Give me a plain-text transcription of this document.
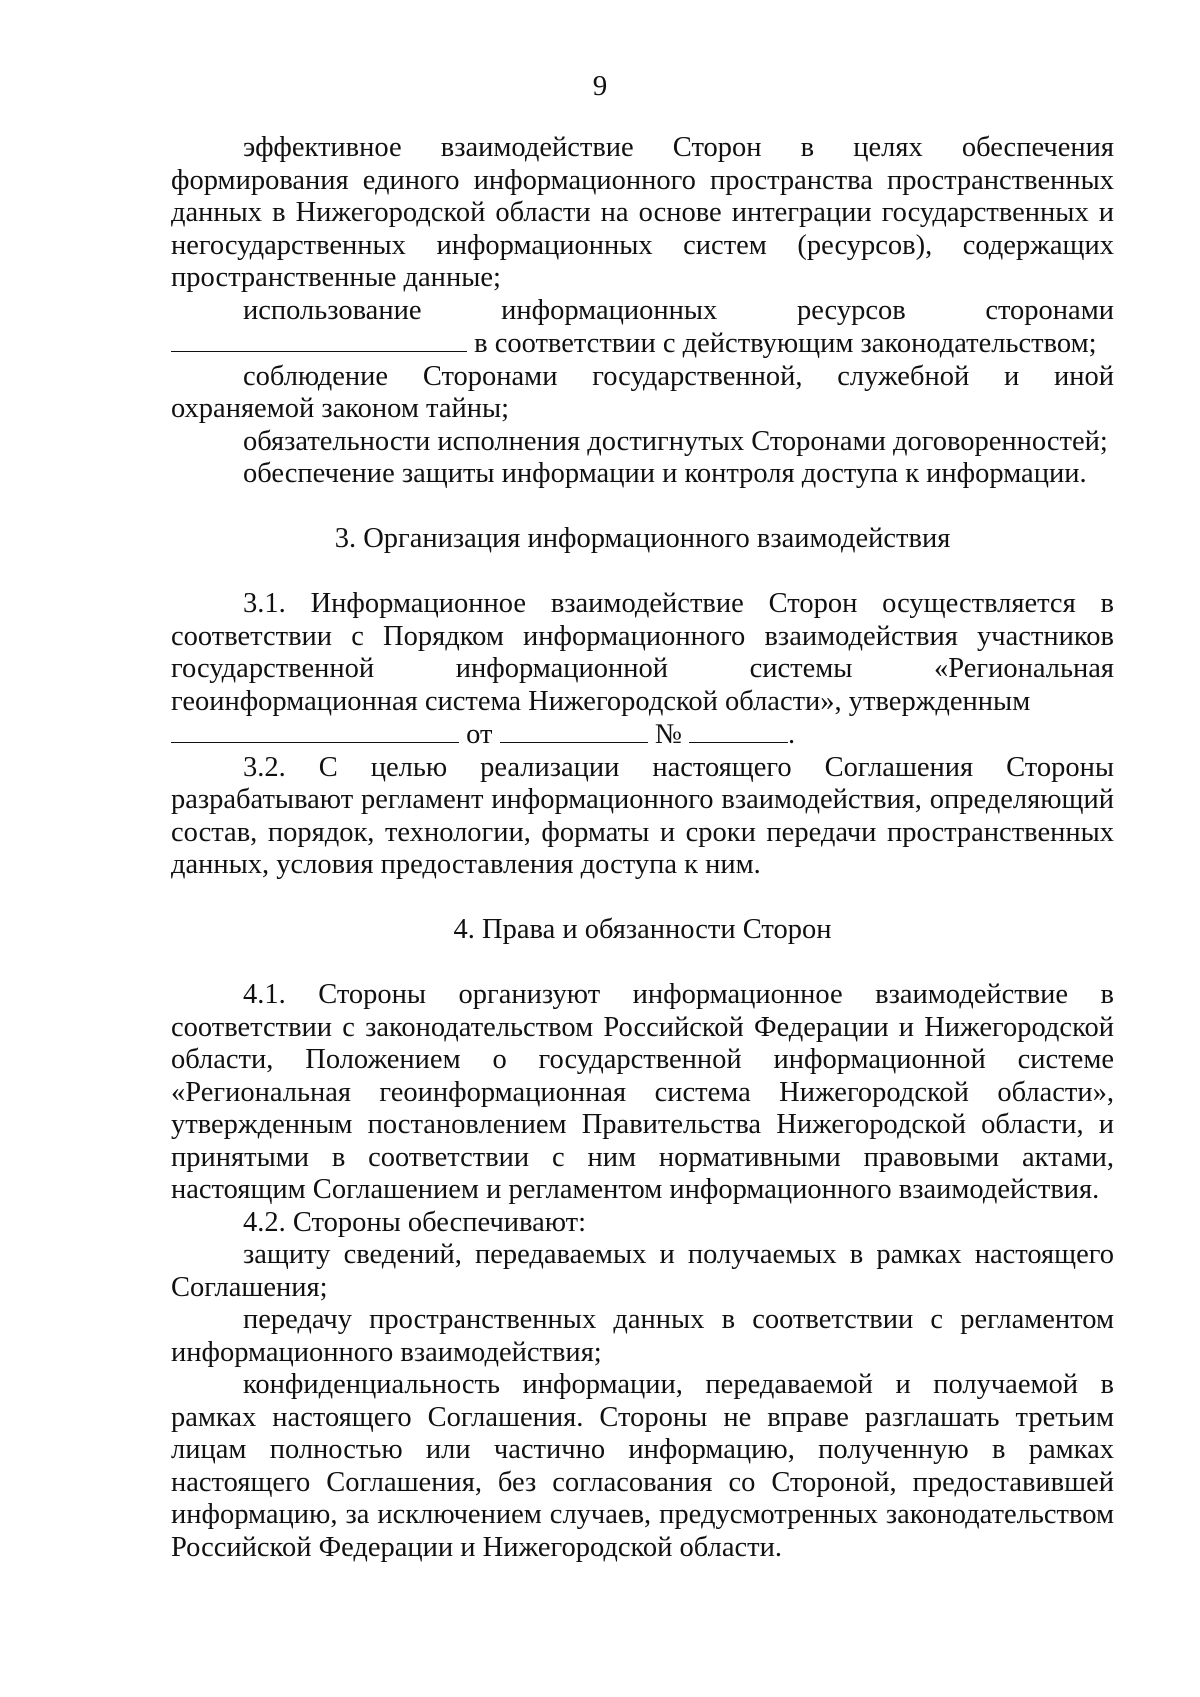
9

эффективное взаимодействие Сторон в целях обеспечения формирования единого информационного пространства пространственных данных в Нижегородской области на основе интеграции государственных и негосударственных информационных систем (ресурсов), содержащих пространственные данные;

использование информационных ресурсов сторонами

в соответствии с действующим законодательством;

соблюдение Сторонами государственной, служебной и иной охраняемой законом тайны;

обязательности исполнения достигнутых Сторонами договоренностей;

обеспечение защиты информации и контроля доступа к информации.

3. Организация информационного взаимодействия

3.1. Информационное взаимодействие Сторон осуществляется в соответствии с Порядком информационного взаимодействия участников государственной информационной системы «Региональная геоинформационная система Нижегородской области», утвержденным

от	№	.

3.2. С целью реализации настоящего Соглашения Стороны разрабатывают регламент информационного взаимодействия, определяющий состав, порядок, технологии, форматы и сроки передачи пространственных данных, условия предоставления доступа к ним.

4. Права и обязанности Сторон

4.1. Стороны организуют информационное взаимодействие в соответствии с законодательством Российской Федерации и Нижегородской области, Положением о государственной информационной системе «Региональная геоинформационная система Нижегородской области», утвержденным постановлением Правительства Нижегородской области, и принятыми в соответствии с ним нормативными правовыми актами, настоящим Соглашением и регламентом информационного взаимодействия.

4.2. Стороны обеспечивают:

защиту сведений, передаваемых и получаемых в рамках настоящего Соглашения;

передачу пространственных данных в соответствии с регламентом информационного взаимодействия;

конфиденциальность информации, передаваемой и получаемой в рамках настоящего Соглашения. Стороны не вправе разглашать третьим лицам полностью или частично информацию, полученную в рамках настоящего Соглашения, без согласования со Стороной, предоставившей информацию, за исключением случаев, предусмотренных законодательством Российской Федерации и Нижегородской области.
